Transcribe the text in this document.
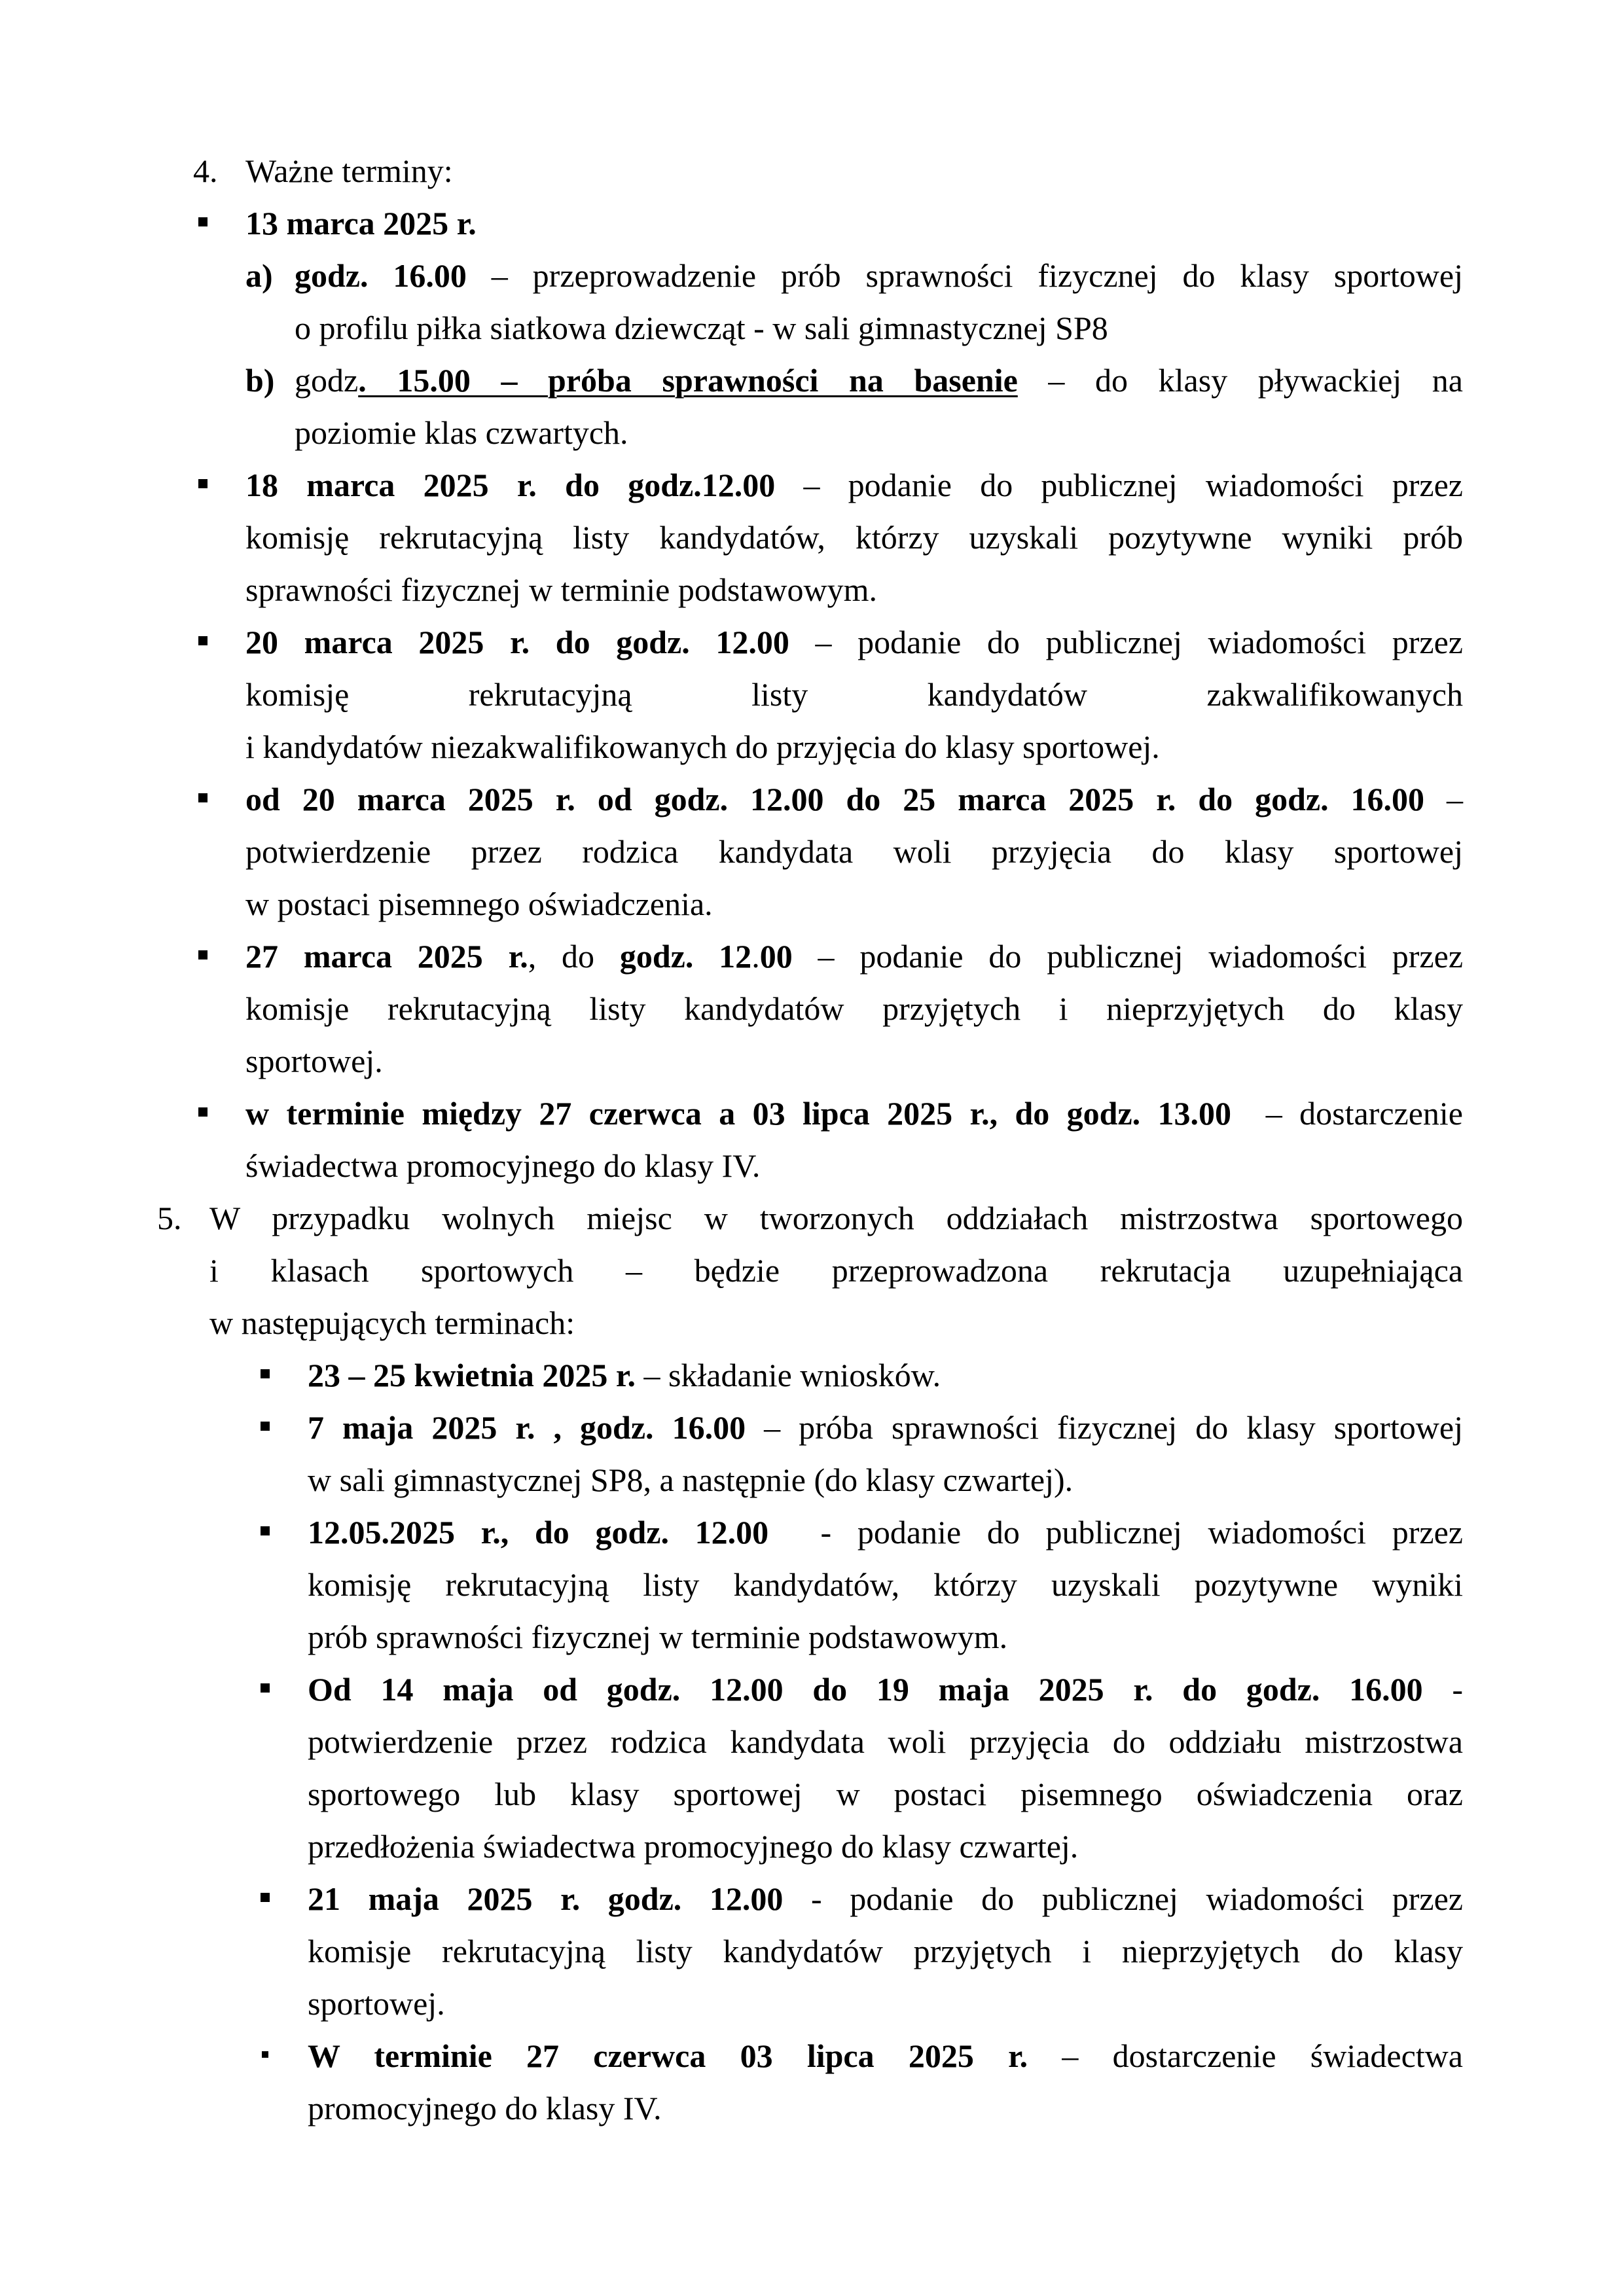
4. Ważne terminy:
13 marca 2025 r.
a) godz. 16.00 – przeprowadzenie prób sprawności fizycznej do klasy sportowej
o profilu piłka siatkowa dziewcząt - w sali gimnastycznej SP8
b) godz. 15.00 – próba sprawności na basenie – do klasy pływackiej na
poziomie klas czwartych.
18 marca 2025 r. do godz.12.00 – podanie do publicznej wiadomości przez
komisję rekrutacyjną listy kandydatów, którzy uzyskali pozytywne wyniki prób
sprawności fizycznej w terminie podstawowym.
20 marca 2025 r. do godz. 12.00 – podanie do publicznej wiadomości przez
komisję rekrutacyjną listy kandydatów zakwalifikowanych
i kandydatów niezakwalifikowanych do przyjęcia do klasy sportowej.
od 20 marca 2025 r. od godz. 12.00 do 25 marca 2025 r. do godz. 16.00 –
potwierdzenie przez rodzica kandydata woli przyjęcia do klasy sportowej
w postaci pisemnego oświadczenia.
27 marca 2025 r., do godz. 12.00 – podanie do publicznej wiadomości przez
komisje rekrutacyjną listy kandydatów przyjętych i nieprzyjętych do klasy
sportowej.
w terminie między 27 czerwca a 03 lipca 2025 r., do godz. 13.00  – dostarczenie
świadectwa promocyjnego do klasy IV.
5. W przypadku wolnych miejsc w tworzonych oddziałach mistrzostwa sportowego
i klasach sportowych – będzie przeprowadzona rekrutacja uzupełniająca
w następujących terminach:
23 – 25 kwietnia 2025 r. – składanie wniosków.
7 maja 2025 r. , godz. 16.00 – próba sprawności fizycznej do klasy sportowej
w sali gimnastycznej SP8, a następnie (do klasy czwartej).
12.05.2025 r., do godz. 12.00  - podanie do publicznej wiadomości przez
komisję rekrutacyjną listy kandydatów, którzy uzyskali pozytywne wyniki
prób sprawności fizycznej w terminie podstawowym.
Od 14 maja od godz. 12.00 do 19 maja 2025 r. do godz. 16.00 -
potwierdzenie przez rodzica kandydata woli przyjęcia do oddziału mistrzostwa
sportowego lub klasy sportowej w postaci pisemnego oświadczenia oraz
przedłożenia świadectwa promocyjnego do klasy czwartej.
21 maja 2025 r. godz. 12.00 - podanie do publicznej wiadomości przez
komisje rekrutacyjną listy kandydatów przyjętych i nieprzyjętych do klasy
sportowej.
W terminie 27 czerwca 03 lipca 2025 r. – dostarczenie świadectwa
promocyjnego do klasy IV.
